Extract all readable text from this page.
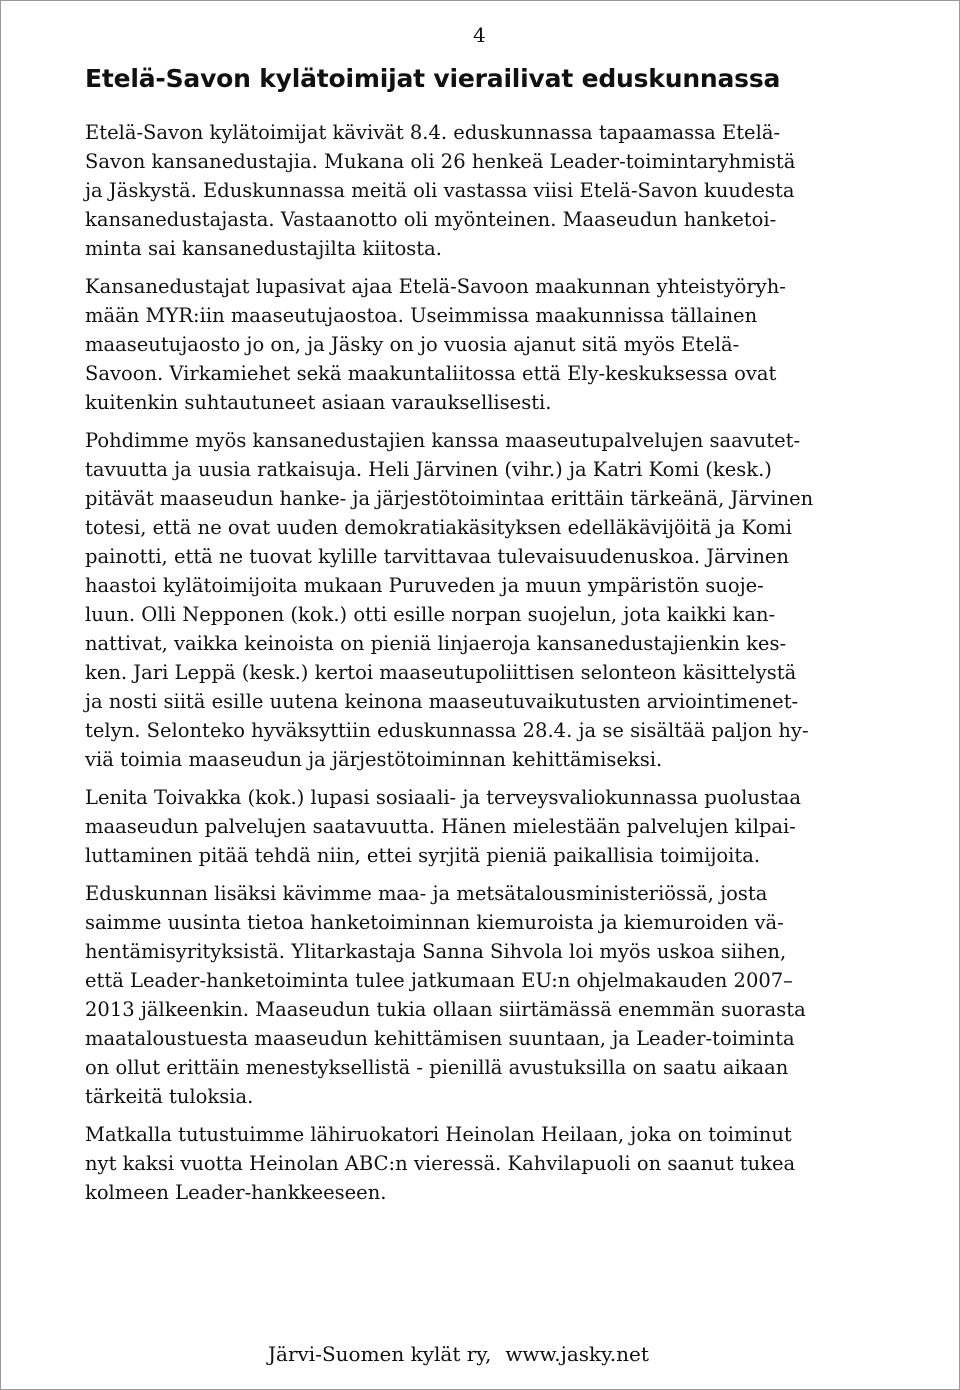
4
Etelä-Savon kylätoimijat vierailivat eduskunnassa
Etelä-Savon kylätoimijat kävivät 8.4. eduskunnassa tapaamassa Etelä-
Savon kansanedustajia. Mukana oli 26 henkeä Leader-toimintaryhmistä
ja Jäskystä. Eduskunnassa meitä oli vastassa viisi Etelä-Savon kuudesta
kansanedustajasta. Vastaanotto oli myönteinen. Maaseudun hanketoi-
minta sai kansanedustajilta kiitosta.
Kansanedustajat lupasivat ajaa Etelä-Savoon maakunnan yhteistyöryh-
mään MYR:iin maaseutujaostoa. Useimmissa maakunnissa tällainen
maaseutujaosto jo on, ja Jäsky on jo vuosia ajanut sitä myös Etelä-
Savoon. Virkamiehet sekä maakuntaliitossa että Ely-keskuksessa ovat
kuitenkin suhtautuneet asiaan varauksellisesti.
Pohdimme myös kansanedustajien kanssa maaseutupalvelujen saavutet-
tavuutta ja uusia ratkaisuja. Heli Järvinen (vihr.) ja Katri Komi (kesk.)
pitävät maaseudun hanke- ja järjestötoimintaa erittäin tärkeänä, Järvinen
totesi, että ne ovat uuden demokratiakäsityksen edelläkävijöitä ja Komi
painotti, että ne tuovat kylille tarvittavaa tulevaisuudenuskoa. Järvinen
haastoi kylätoimijoita mukaan Puruveden ja muun ympäristön suoje-
luun. Olli Nepponen (kok.) otti esille norpan suojelun, jota kaikki kan-
nattivat, vaikka keinoista on pieniä linjaeroja kansanedustajienkin kes-
ken. Jari Leppä (kesk.) kertoi maaseutupoliittisen selonteon käsittelystä
ja nosti siitä esille uutena keinona maaseutuvaikutusten arviointimenet-
telyn. Selonteko hyväksyttiin eduskunnassa 28.4. ja se sisältää paljon hy-
viä toimia maaseudun ja järjestötoiminnan kehittämiseksi.
Lenita Toivakka (kok.) lupasi sosiaali- ja terveysvaliokunnassa puolustaa
maaseudun palvelujen saatavuutta. Hänen mielestään palvelujen kilpai-
luttaminen pitää tehdä niin, ettei syrjitä pieniä paikallisia toimijoita.
Eduskunnan lisäksi kävimme maa- ja metsätalousministeriössä, josta
saimme uusinta tietoa hanketoiminnan kiemuroista ja kiemuroiden vä-
hentämisyrityksistä. Ylitarkastaja Sanna Sihvola loi myös uskoa siihen,
että Leader-hanketoiminta tulee jatkumaan EU:n ohjelmakauden 2007–
2013 jälkeenkin. Maaseudun tukia ollaan siirtämässä enemmän suorasta
maataloustuesta maaseudun kehittämisen suuntaan, ja Leader-toiminta
on ollut erittäin menestyksellistä - pienillä avustuksilla on saatu aikaan
tärkeitä tuloksia.
Matkalla tutustuimme lähiruokatori Heinolan Heilaan, joka on toiminut
nyt kaksi vuotta Heinolan ABC:n vieressä. Kahvilapuoli on saanut tukea
kolmeen Leader-hankkeeseen.
Järvi-Suomen kylät ry, www.jasky.net
